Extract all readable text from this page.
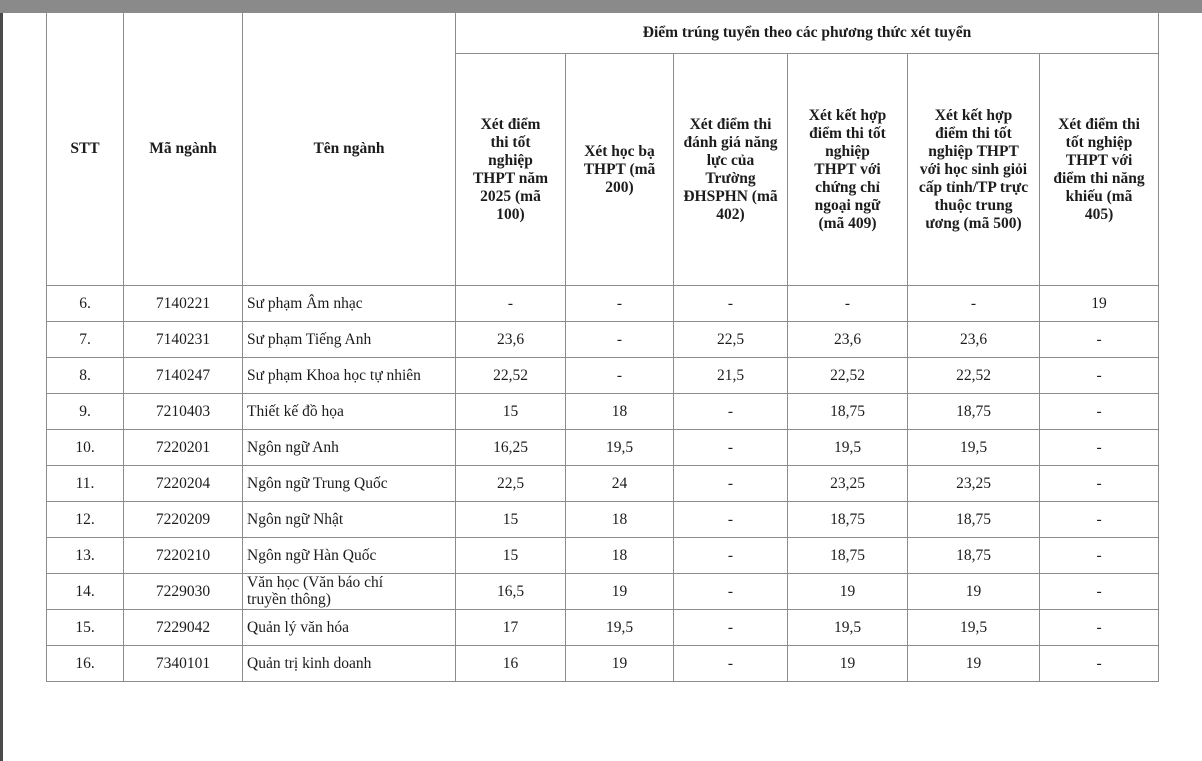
STT	Mã ngành	Tên ngành	Điểm trúng tuyển theo các phương thức xét tuyển					
			Xét điểm thi tốt nghiệp THPT năm 2025 (mã 100)	Xét học bạ THPT (mã 200)	Xét điểm thi đánh giá năng lực của Trường ĐHSPHN (mã 402)	Xét kết hợp điểm thi tốt nghiệp THPT với chứng chỉ ngoại ngữ (mã 409)	Xét kết hợp điểm thi tốt nghiệp THPT với học sinh giỏi cấp tỉnh/TP trực thuộc trung ương (mã 500)	Xét điểm thi tốt nghiệp THPT với điểm thi năng khiếu (mã 405)
6.	7140221	Sư phạm Âm nhạc	-	-	-	-	-	19
7.	7140231	Sư phạm Tiếng Anh	23,6	-	22,5	23,6	23,6	-
8.	7140247	Sư phạm Khoa học tự nhiên	22,52	-	21,5	22,52	22,52	-
9.	7210403	Thiết kế đồ họa	15	18	-	18,75	18,75	-
10.	7220201	Ngôn ngữ Anh	16,25	19,5	-	19,5	19,5	-
11.	7220204	Ngôn ngữ Trung Quốc	22,5	24	-	23,25	23,25	-
12.	7220209	Ngôn ngữ Nhật	15	18	-	18,75	18,75	-
13.	7220210	Ngôn ngữ Hàn Quốc	15	18	-	18,75	18,75	-
14.	7229030	Văn học (Văn báo chí truyền thông)	16,5	19	-	19	19	-
15.	7229042	Quản lý văn hóa	17	19,5	-	19,5	19,5	-
16.	7340101	Quản trị kinh doanh	16	19	-	19	19	-
